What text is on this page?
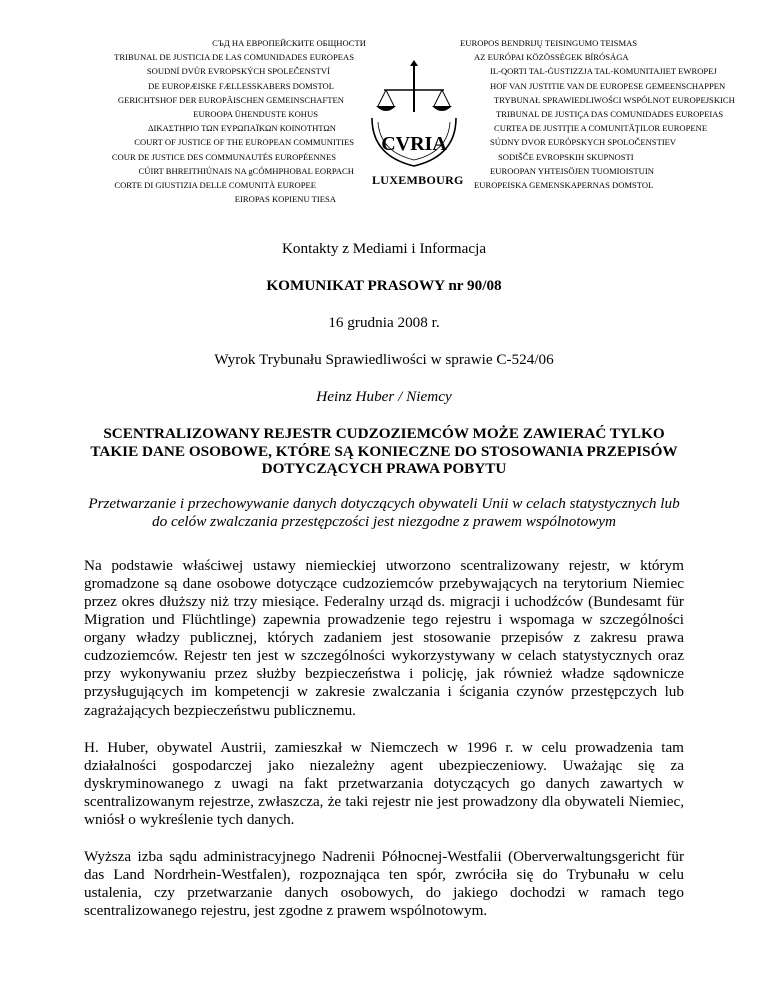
СЪД НА ЕВРОПЕЙСКИТЕ ОБЩНОСТИ
TRIBUNAL DE JUSTICIA DE LAS COMUNIDADES EUROPEAS
SOUDNÍ DVŮR EVROPSKÝCH SPOLEČENSTVÍ
DE EUROPÆISKE FÆLLESSKABERS DOMSTOL
GERICHTSHOF DER EUROPÄISCHEN GEMEINSCHAFTEN
EUROOPA ÜHENDUSTE KOHUS
ΔΙΚΑΣΤΗΡΙΟ ΤΩΝ ΕΥΡΩΠΑΪΚΩΝ ΚΟΙΝΟΤΗΤΩΝ
COURT OF JUSTICE OF THE EUROPEAN COMMUNITIES
COUR DE JUSTICE DES COMMUNAUTÉS EUROPÉENNES
CÚIRT BHREITHIÚNAIS NA gCÓMHPHOBAL EORPACH
CORTE DI GIUSTIZIA DELLE COMUNITÀ EUROPEE
EIROPAS KOPIENU TIESA
CVRIA
LUXEMBOURG
EUROPOS BENDRIJŲ TEISINGUMO TEISMAS
AZ EURÓPAI KÖZÖSSÉGEK BÍRÓSÁGA
IL-QORTI TAL-ĠUSTIZZJA TAL-KOMUNITAJIET EWROPEJ
HOF VAN JUSTITIE VAN DE EUROPESE GEMEENSCHAPPEN
TRYBUNAŁ SPRAWIEDLIWOŚCI WSPÓLNOT EUROPEJSKICH
TRIBUNAL DE JUSTIÇA DAS COMUNIDADES EUROPEIAS
CURTEA DE JUSTIŢIE A COMUNITĂŢILOR EUROPENE
SÚDNY DVOR EURÓPSKYCH SPOLOČENSTIEV
SODIŠČE EVROPSKIH SKUPNOSTI
EUROOPAN YHTEISÖJEN TUOMIOISTUIN
EUROPEISKA GEMENSKAPERNAS DOMSTOL
Kontakty z Mediami i Informacja
KOMUNIKAT PRASOWY nr 90/08
16 grudnia 2008 r.
Wyrok Trybunału Sprawiedliwości w sprawie C-524/06
Heinz Huber / Niemcy
SCENTRALIZOWANY REJESTR CUDZOZIEMCÓW MOŻE ZAWIERAĆ TYLKO TAKIE DANE OSOBOWE, KTÓRE SĄ KONIECZNE DO STOSOWANIA PRZEPISÓW DOTYCZĄCYCH PRAWA POBYTU
Przetwarzanie i przechowywanie danych dotyczących obywateli Unii w celach statystycznych lub do celów zwalczania przestępczości jest niezgodne z prawem wspólnotowym

Na podstawie właściwej ustawy niemieckiej utworzono scentralizowany rejestr, w którym gromadzone są dane osobowe dotyczące cudzoziemców przebywających na terytorium Niemiec przez okres dłuższy niż trzy miesiące. Federalny urząd ds. migracji i uchodźców (Bundesamt für Migration und Flüchtlinge) zapewnia prowadzenie tego rejestru i wspomaga w szczególności organy władzy publicznej, których zadaniem jest stosowanie przepisów z zakresu prawa cudzoziemców. Rejestr ten jest w szczególności wykorzystywany w celach statystycznych oraz przy wykonywaniu przez służby bezpieczeństwa i policję, jak również władze sądownicze przysługujących im kompetencji w zakresie zwalczania i ścigania czynów przestępczych lub zagrażających bezpieczeństwu publicznemu.

H. Huber, obywatel Austrii, zamieszkał w Niemczech w 1996 r. w celu prowadzenia tam działalności gospodarczej jako niezależny agent ubezpieczeniowy. Uważając się za dyskryminowanego z uwagi na fakt przetwarzania dotyczących go danych zawartych w scentralizowanym rejestrze, zwłaszcza, że taki rejestr nie jest prowadzony dla obywateli Niemiec, wniósł o wykreślenie tych danych.

Wyższa izba sądu administracyjnego Nadrenii Północnej-Westfalii (Oberverwaltungsgericht für das Land Nordrhein-Westfalen), rozpoznająca ten spór, zwróciła się do Trybunału w celu ustalenia, czy przetwarzanie danych osobowych, do jakiego dochodzi w ramach tego scentralizowanego rejestru, jest zgodne z prawem wspólnotowym.
